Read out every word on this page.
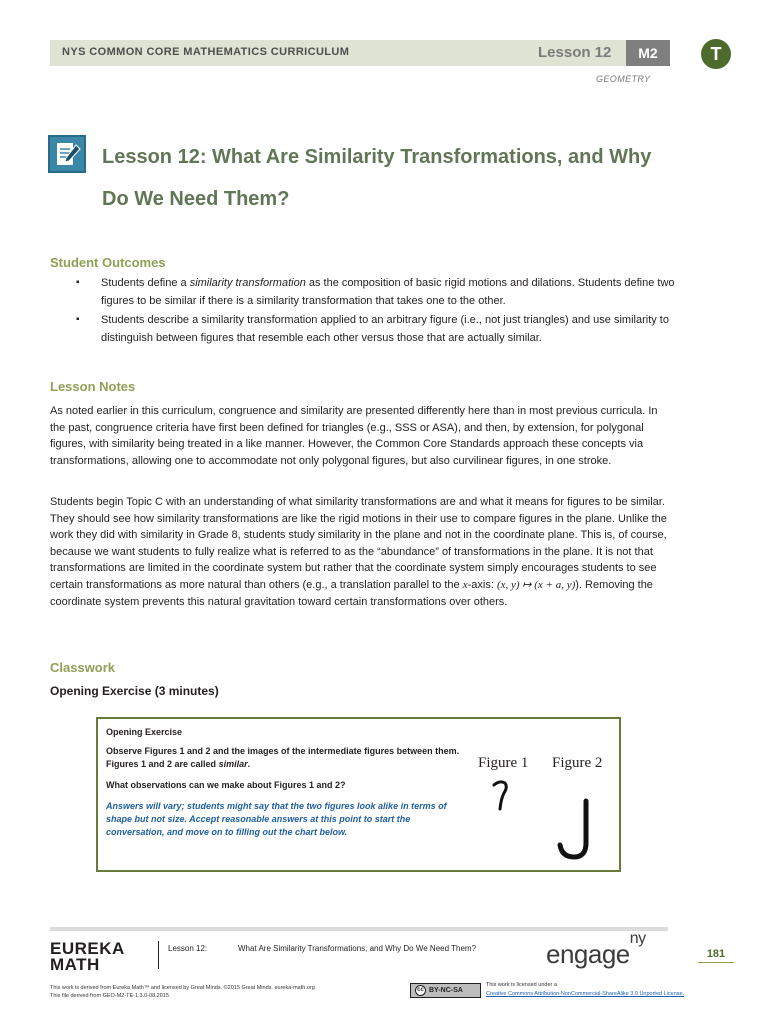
NYS COMMON CORE MATHEMATICS CURRICULUM	Lesson 12	M2	T
GEOMETRY
Lesson 12: What Are Similarity Transformations, and Why
Do We Need Them?
Student Outcomes
▪ Students define a similarity transformation as the composition of basic rigid motions and dilations. Students define two figures to be similar if there is a similarity transformation that takes one to the other.
▪ Students describe a similarity transformation applied to an arbitrary figure (i.e., not just triangles) and use similarity to distinguish between figures that resemble each other versus those that are actually similar.
Lesson Notes

As noted earlier in this curriculum, congruence and similarity are presented differently here than in most previous curricula. In the past, congruence criteria have first been defined for triangles (e.g., SSS or ASA), and then, by extension, for polygonal figures, with similarity being treated in a like manner. However, the Common Core Standards approach these concepts via transformations, allowing one to accommodate not only polygonal figures, but also curvilinear figures, in one stroke.

Students begin Topic C with an understanding of what similarity transformations are and what it means for figures to be similar. They should see how similarity transformations are like the rigid motions in their use to compare figures in the plane. Unlike the work they did with similarity in Grade 8, students study similarity in the plane and not in the coordinate plane. This is, of course, because we want students to fully realize what is referred to as the “abundance” of transformations in the plane. It is not that transformations are limited in the coordinate system but rather that the coordinate system simply encourages students to see certain transformations as more natural than others (e.g., a translation parallel to the x-axis: (x, y) ↦ (x + a, y)). Removing the coordinate system prevents this natural gravitation toward certain transformations over others.

Classwork
Opening Exercise (3 minutes)
Opening Exercise
Observe Figures 1 and 2 and the images of the intermediate figures between them. Figures 1 and 2 are called similar.
What observations can we make about Figures 1 and 2?
Answers will vary; students might say that the two figures look alike in terms of shape but not size. Accept reasonable answers at this point to start the conversation, and move on to filling out the chart below.
Figure 1 Figure 2
EUREKA
MATH
Lesson 12:	What Are Similarity Transformations, and Why Do We Need Them?	engage$^{ny}$
181
This work is derived from Eureka Math™ and licensed by Great Minds. ©2015 Great Minds. eureka-math.org
This file derived from GEO-M2-TE-1.3.0-08.2015
cc BY-NC-SA
This work is licensed under a
Creative Commons Attribution-NonCommercial-ShareAlike 3.0 Unported License.
